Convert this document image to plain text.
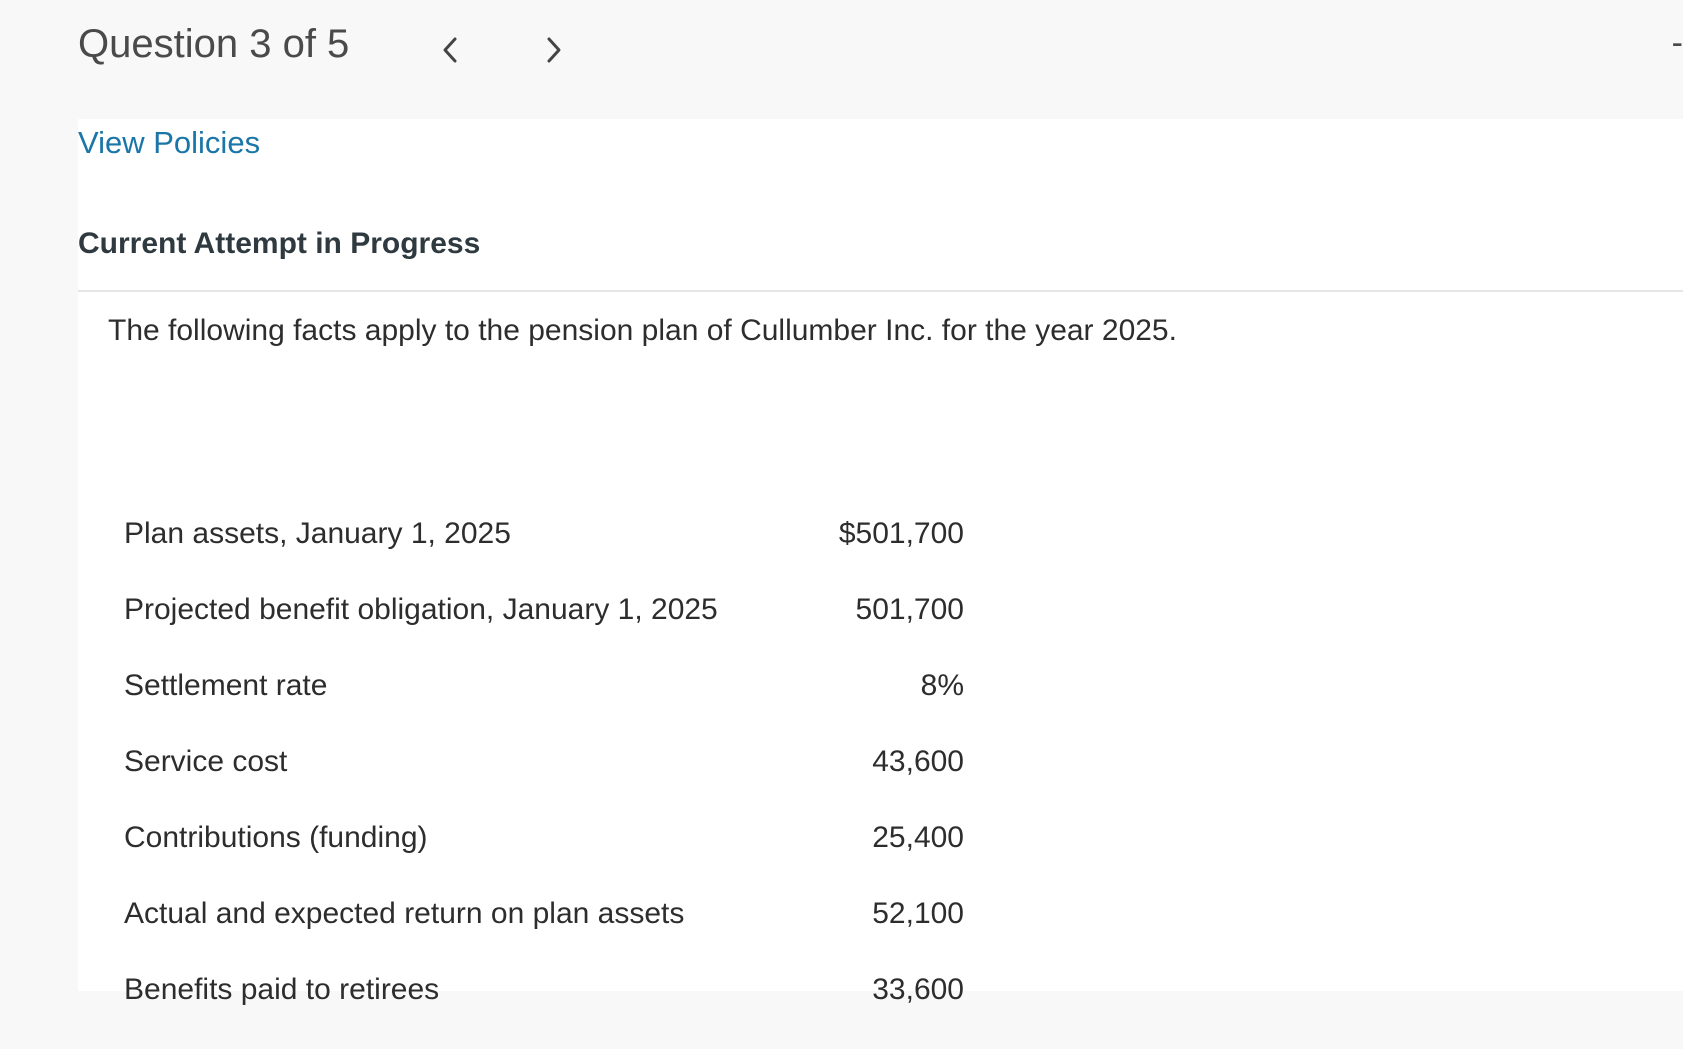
Question 3 of 5	-
View Policies
Current Attempt in Progress
The following facts apply to the pension plan of Cullumber Inc. for the year 2025.
Plan assets, January 1, 2025	$501,700
Projected benefit obligation, January 1, 2025	501,700
Settlement rate	8%
Service cost	43,600
Contributions (funding)	25,400
Actual and expected return on plan assets	52,100
Benefits paid to retirees	33,600
